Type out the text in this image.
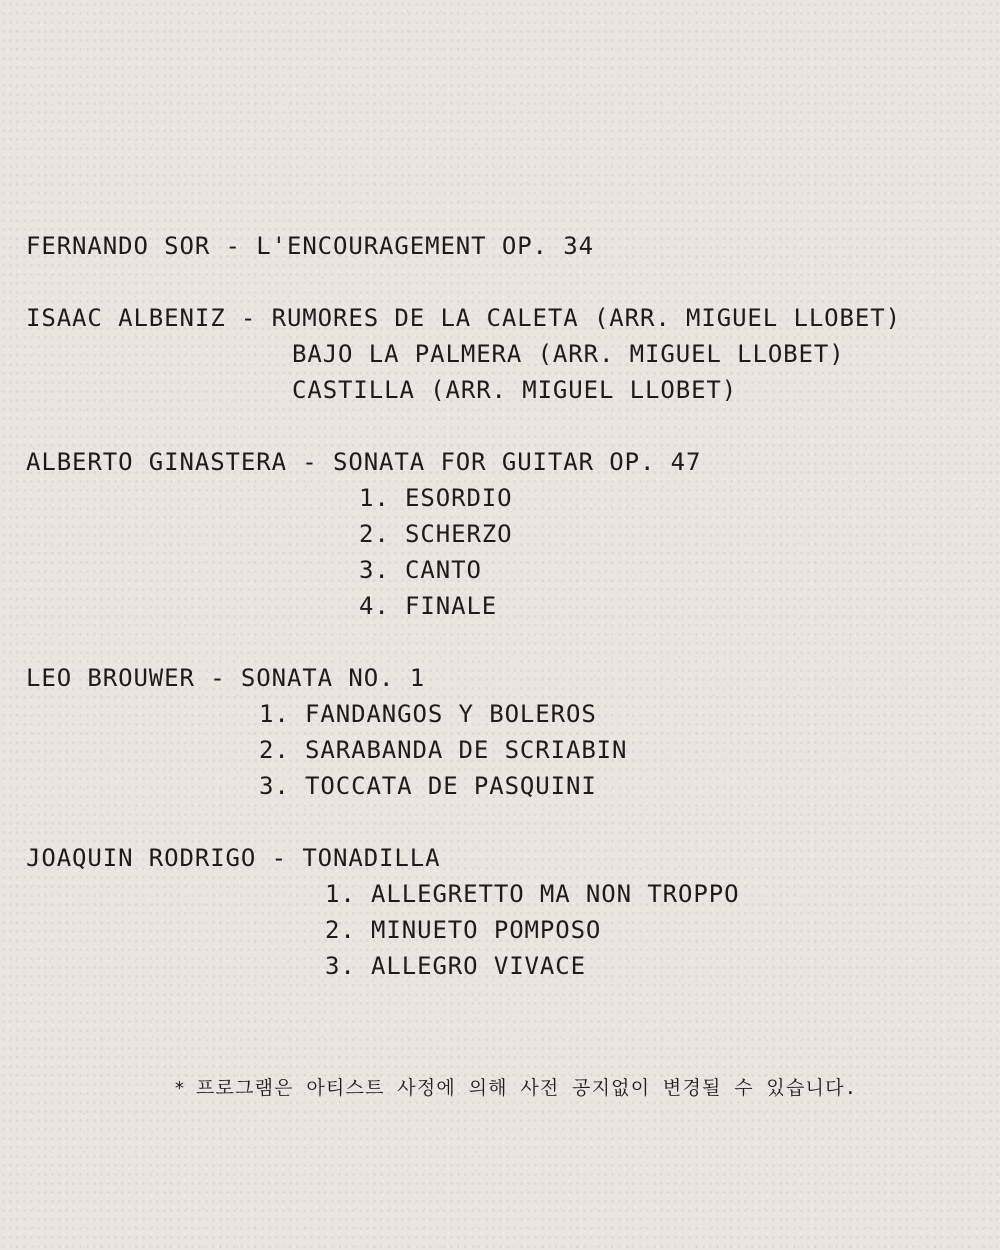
FERNANDO SOR - L'ENCOURAGEMENT OP. 34
ISAAC ALBENIZ - RUMORES DE LA CALETA (ARR. MIGUEL LLOBET)
BAJO LA PALMERA (ARR. MIGUEL LLOBET)
CASTILLA (ARR. MIGUEL LLOBET)
ALBERTO GINASTERA - SONATA FOR GUITAR OP. 47
1. ESORDIO
2. SCHERZO
3. CANTO
4. FINALE
LEO BROUWER - SONATA NO. 1
1. FANDANGOS Y BOLEROS
2. SARABANDA DE SCRIABIN
3. TOCCATA DE PASQUINI
JOAQUIN RODRIGO - TONADILLA
1. ALLEGRETTO MA NON TROPPO
2. MINUETO POMPOSO
3. ALLEGRO VIVACE
* 프로그램은 아티스트 사정에 의해 사전 공지없이 변경될 수 있습니다.
